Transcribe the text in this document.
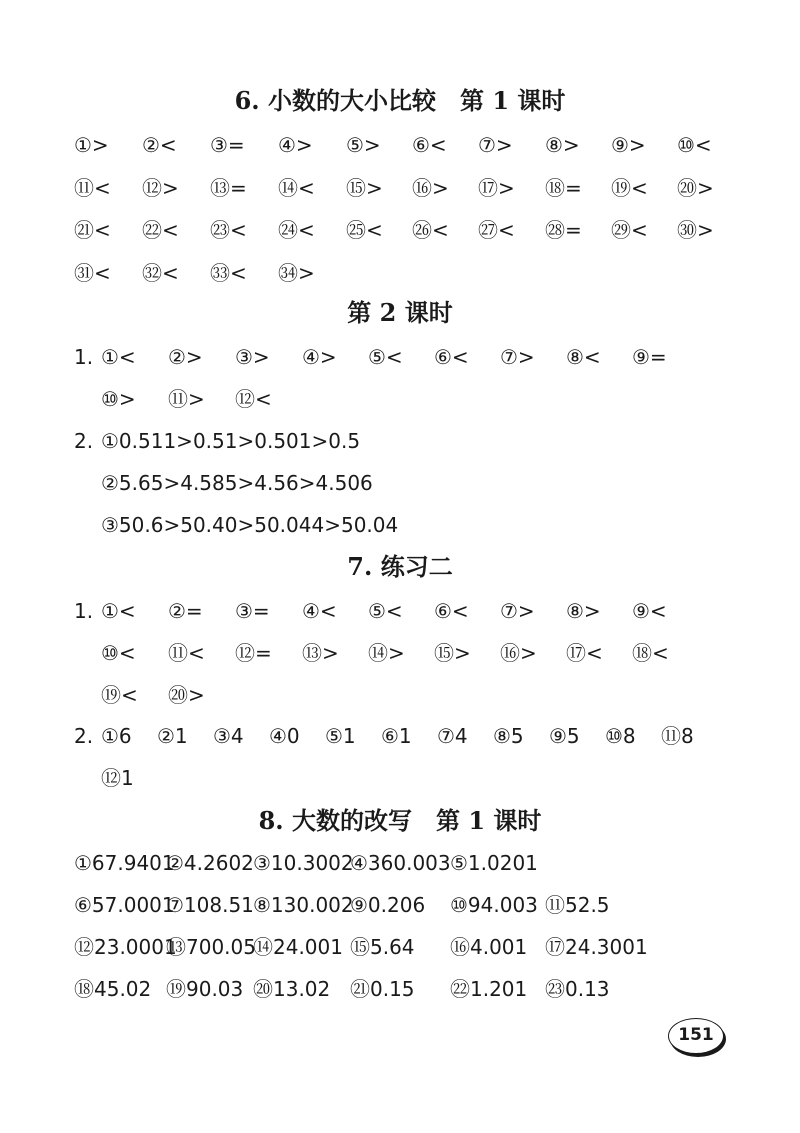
6. 小数的大小比较　第 1 课时
①> ②< ③= ④> ⑤> ⑥< ⑦> ⑧> ⑨> ⑩<
⑪< ⑫> ⑬= ⑭< ⑮> ⑯> ⑰> ⑱= ⑲< ⑳>
㉑< ㉒< ㉓< ㉔< ㉕< ㉖< ㉗< ㉘= ㉙< ㉚>
㉛< ㉜< ㉝< ㉞>
第 2 课时
1. ①< ②> ③> ④> ⑤< ⑥< ⑦> ⑧< ⑨=
⑩> ⑪> ⑫<
2. ①0.511>0.51>0.501>0.5
②5.65>4.585>4.56>4.506
③50.6>50.40>50.044>50.04
7. 练习二
1. ①< ②= ③= ④< ⑤< ⑥< ⑦> ⑧> ⑨<
⑩< ⑪< ⑫= ⑬> ⑭> ⑮> ⑯> ⑰< ⑱<
⑲< ⑳>
2. ①6 ②1 ③4 ④0 ⑤1 ⑥1 ⑦4 ⑧5 ⑨5 ⑩8 ⑪8
⑫1
8. 大数的改写　第 1 课时
①67.9401
②4.2602 ③10.3002
④360.003 ⑤1.0201
⑥57.0001
⑦108.51 ⑧130.002
⑨0.206 ⑩94.003 ⑪52.5
⑫23.0001
⑬700.05
⑭24.001 ⑮5.64 ⑯4.001 ⑰24.3001
⑱45.02 ⑲90.03 ⑳13.02 ㉑0.15 ㉒1.201 ㉓0.13
151
